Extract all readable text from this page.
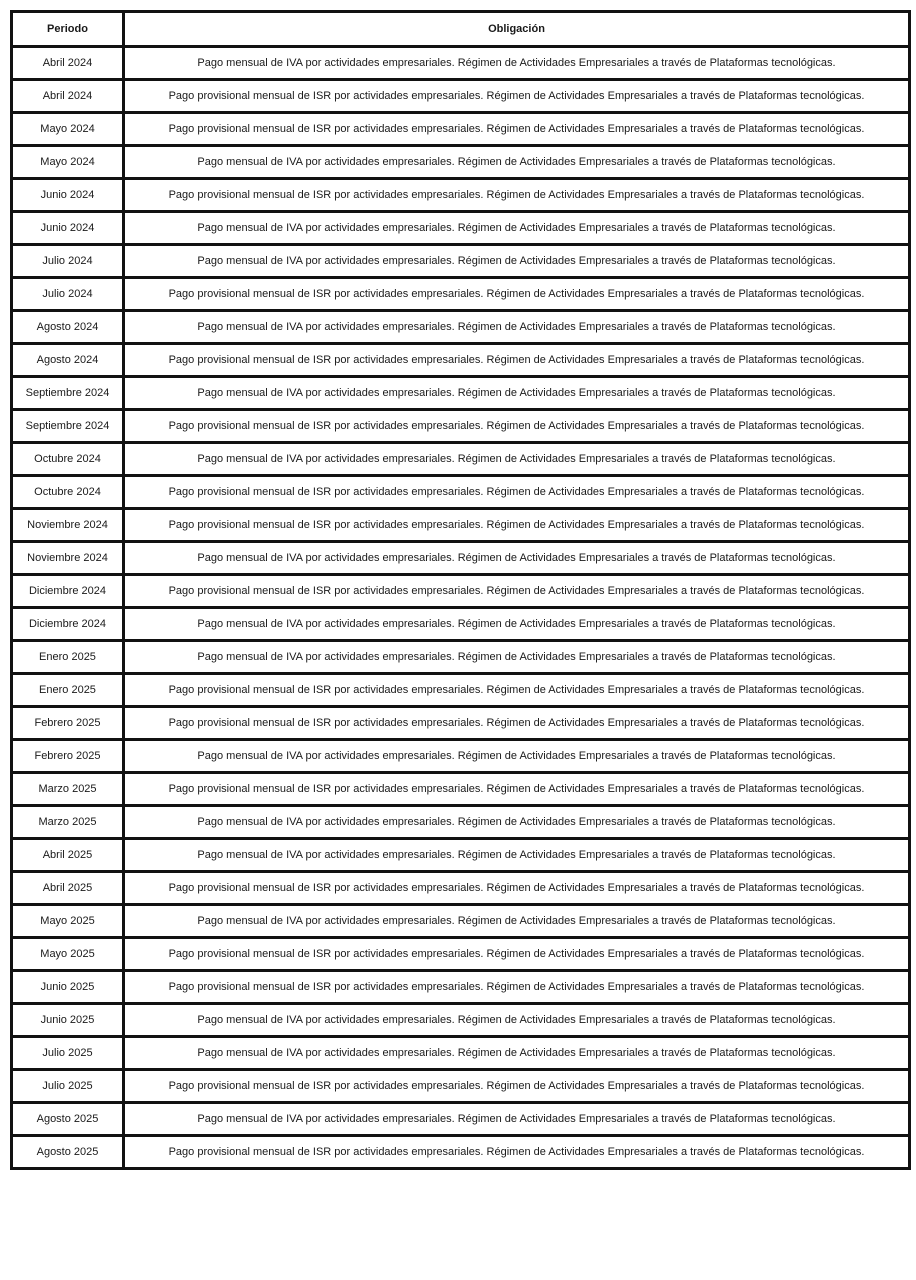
Periodo	Obligación
Abril 2024	Pago mensual de IVA por actividades empresariales. Régimen de Actividades Empresariales a través de Plataformas tecnológicas.
Abril 2024	Pago provisional mensual de ISR por actividades empresariales. Régimen de Actividades Empresariales a través de Plataformas tecnológicas.
Mayo 2024	Pago provisional mensual de ISR por actividades empresariales. Régimen de Actividades Empresariales a través de Plataformas tecnológicas.
Mayo 2024	Pago mensual de IVA por actividades empresariales. Régimen de Actividades Empresariales a través de Plataformas tecnológicas.
Junio 2024	Pago provisional mensual de ISR por actividades empresariales. Régimen de Actividades Empresariales a través de Plataformas tecnológicas.
Junio 2024	Pago mensual de IVA por actividades empresariales. Régimen de Actividades Empresariales a través de Plataformas tecnológicas.
Julio 2024	Pago mensual de IVA por actividades empresariales. Régimen de Actividades Empresariales a través de Plataformas tecnológicas.
Julio 2024	Pago provisional mensual de ISR por actividades empresariales. Régimen de Actividades Empresariales a través de Plataformas tecnológicas.
Agosto 2024	Pago mensual de IVA por actividades empresariales. Régimen de Actividades Empresariales a través de Plataformas tecnológicas.
Agosto 2024	Pago provisional mensual de ISR por actividades empresariales. Régimen de Actividades Empresariales a través de Plataformas tecnológicas.
Septiembre 2024	Pago mensual de IVA por actividades empresariales. Régimen de Actividades Empresariales a través de Plataformas tecnológicas.
Septiembre 2024	Pago provisional mensual de ISR por actividades empresariales. Régimen de Actividades Empresariales a través de Plataformas tecnológicas.
Octubre 2024	Pago mensual de IVA por actividades empresariales. Régimen de Actividades Empresariales a través de Plataformas tecnológicas.
Octubre 2024	Pago provisional mensual de ISR por actividades empresariales. Régimen de Actividades Empresariales a través de Plataformas tecnológicas.
Noviembre 2024	Pago provisional mensual de ISR por actividades empresariales. Régimen de Actividades Empresariales a través de Plataformas tecnológicas.
Noviembre 2024	Pago mensual de IVA por actividades empresariales. Régimen de Actividades Empresariales a través de Plataformas tecnológicas.
Diciembre 2024	Pago provisional mensual de ISR por actividades empresariales. Régimen de Actividades Empresariales a través de Plataformas tecnológicas.
Diciembre 2024	Pago mensual de IVA por actividades empresariales. Régimen de Actividades Empresariales a través de Plataformas tecnológicas.
Enero 2025	Pago mensual de IVA por actividades empresariales. Régimen de Actividades Empresariales a través de Plataformas tecnológicas.
Enero 2025	Pago provisional mensual de ISR por actividades empresariales. Régimen de Actividades Empresariales a través de Plataformas tecnológicas.
Febrero 2025	Pago provisional mensual de ISR por actividades empresariales. Régimen de Actividades Empresariales a través de Plataformas tecnológicas.
Febrero 2025	Pago mensual de IVA por actividades empresariales. Régimen de Actividades Empresariales a través de Plataformas tecnológicas.
Marzo 2025	Pago provisional mensual de ISR por actividades empresariales. Régimen de Actividades Empresariales a través de Plataformas tecnológicas.
Marzo 2025	Pago mensual de IVA por actividades empresariales. Régimen de Actividades Empresariales a través de Plataformas tecnológicas.
Abril 2025	Pago mensual de IVA por actividades empresariales. Régimen de Actividades Empresariales a través de Plataformas tecnológicas.
Abril 2025	Pago provisional mensual de ISR por actividades empresariales. Régimen de Actividades Empresariales a través de Plataformas tecnológicas.
Mayo 2025	Pago mensual de IVA por actividades empresariales. Régimen de Actividades Empresariales a través de Plataformas tecnológicas.
Mayo 2025	Pago provisional mensual de ISR por actividades empresariales. Régimen de Actividades Empresariales a través de Plataformas tecnológicas.
Junio 2025	Pago provisional mensual de ISR por actividades empresariales. Régimen de Actividades Empresariales a través de Plataformas tecnológicas.
Junio 2025	Pago mensual de IVA por actividades empresariales. Régimen de Actividades Empresariales a través de Plataformas tecnológicas.
Julio 2025	Pago mensual de IVA por actividades empresariales. Régimen de Actividades Empresariales a través de Plataformas tecnológicas.
Julio 2025	Pago provisional mensual de ISR por actividades empresariales. Régimen de Actividades Empresariales a través de Plataformas tecnológicas.
Agosto 2025	Pago mensual de IVA por actividades empresariales. Régimen de Actividades Empresariales a través de Plataformas tecnológicas.
Agosto 2025	Pago provisional mensual de ISR por actividades empresariales. Régimen de Actividades Empresariales a través de Plataformas tecnológicas.
